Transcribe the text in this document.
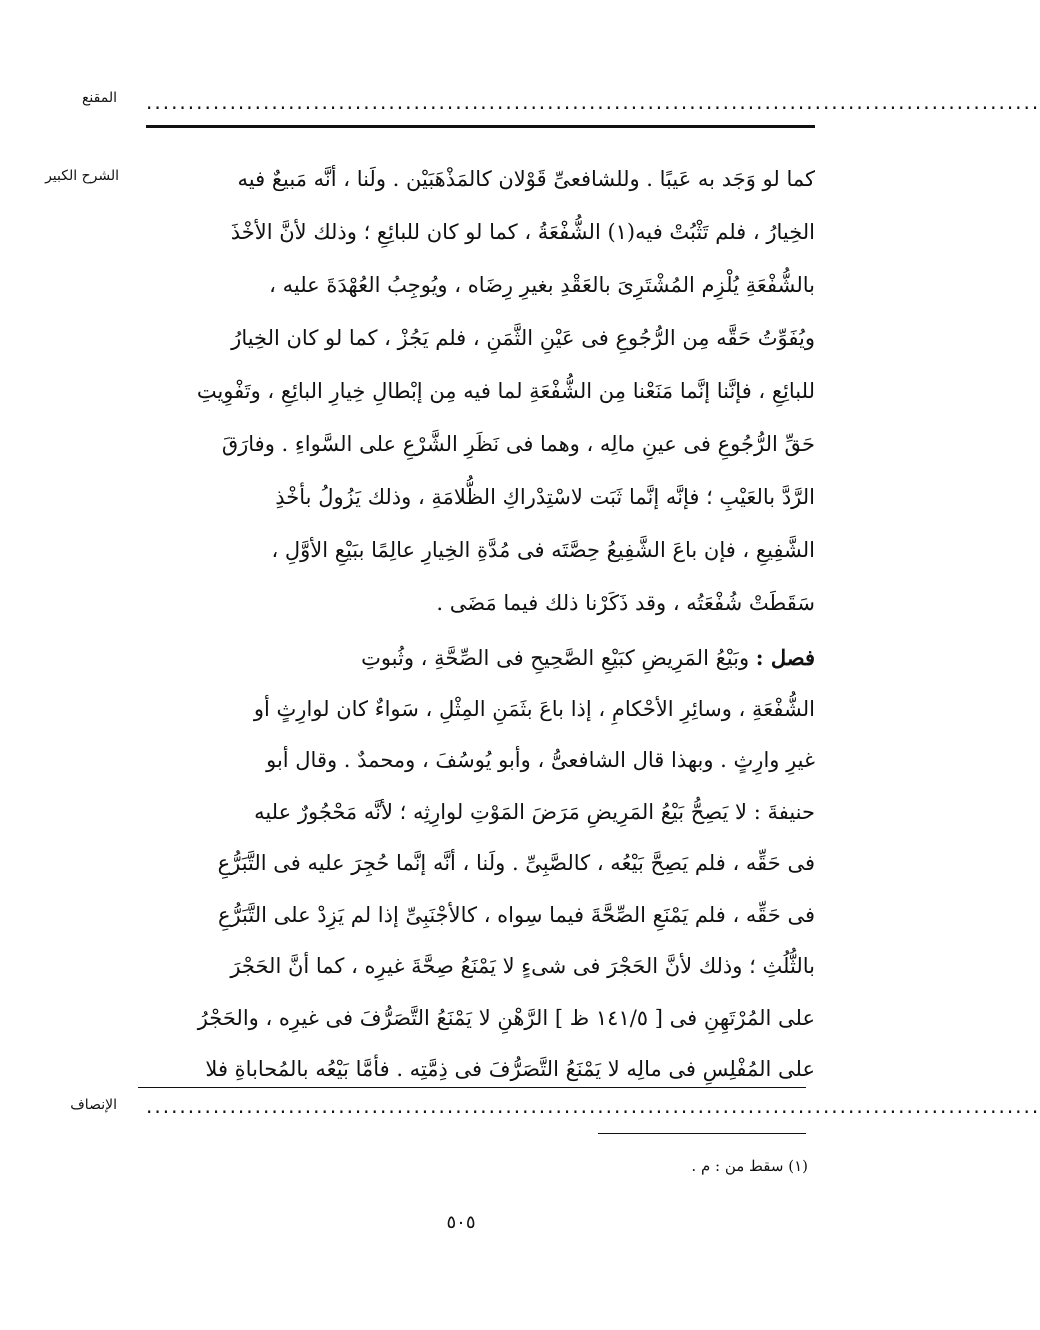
...........................................................................................................
المقنع
الشرح الكبير	كما لو وَجَد به عَيبًا . وللشافعىِّ قَوْلان كالمَذْهَبَيْن . ولَنا ، أنَّه مَبيعٌ فيه
الخِيارُ ، فلم تَثْبُتْ فيه(١) الشُّفْعَةُ ، كما لو كان للبائِعِ ؛ وذلك لأنَّ الأخْذَ
بالشُّفْعَةِ يُلْزِم المُشْتَرِىَ بالعَقْدِ بغيرِ رِضَاه ، ويُوجِبُ العُهْدَةَ عليه ،
ويُفَوِّتُ حَقَّه مِن الرُّجُوعِ فى عَيْنِ الثَّمَنِ ، فلم يَجُزْ ، كما لو كان الخِيارُ
للبائِعِ ، فإنَّنا إنَّما مَنَعْنا مِن الشُّفْعَةِ لما فيه مِن إبْطالِ خِيارِ البائِعِ ، وتَفْوِيتِ
حَقِّ الرُّجُوعِ فى عينِ مالِه ، وهما فى نَظَرِ الشَّرْعِ على السَّواءِ . وفارَقَ
الرَّدَّ بالعَيْبِ ؛ فإنَّه إنَّما ثَبَت لاسْتِدْراكِ الظُّلامَةِ ، وذلك يَزُولُ بأخْذِ
الشَّفِيعِ ، فإن باعَ الشَّفِيعُ حِصَّتَه فى مُدَّةِ الخِيارِ عالِمًا ببَيْعِ الأوَّلِ ،
سَقَطَتْ شُفْعَتُه ، وقد ذَكَرْنا ذلك فيما مَضَى .
فصل : وبَيْعُ المَرِيضِ كبَيْعِ الصَّحِيحِ فى الصِّحَّةِ ، وثُبوتِ
الشُّفْعَةِ ، وسائِرِ الأحْكامِ ، إذا باعَ بثَمَنِ المِثْلِ ، سَواءٌ كان لوارِثٍ أو
غيرِ وارِثٍ . وبهذا قال الشافعىُّ ، وأبو يُوسُفَ ، ومحمدٌ . وقال أبو
حنيفةَ : لا يَصِحُّ بَيْعُ المَرِيضِ مَرَضَ المَوْتِ لوارِثِه ؛ لأنَّه مَحْجُورٌ عليه
فى حَقِّه ، فلم يَصِحَّ بَيْعُه ، كالصَّبِىِّ . ولَنا ، أنَّه إنَّما حُجِرَ عليه فى التَّبَرُّعِ
فى حَقِّه ، فلم يَمْنَعِ الصِّحَّةَ فيما سِواه ، كالأجْنَبِىِّ إذا لم يَزِدْ على التَّبَرُّعِ
بالثُّلُثِ ؛ وذلك لأنَّ الحَجْرَ فى شىءٍ لا يَمْنَعُ صِحَّةَ غيرِه ، كما أنَّ الحَجْرَ
على المُرْتَهِنِ فى [ ١٤١/٥ ظ ] الرَّهْنِ لا يَمْنَعُ التَّصَرُّفَ فى غيرِه ، والحَجْرُ
على المُفْلِسِ فى مالِه لا يَمْنَعُ التَّصَرُّفَ فى ذِمَّتِه . فأمَّا بَيْعُه بالمُحاباةِ فلا
...........................................................................................................
الإنصاف
(١) سقط من : م .
٥٠٥
